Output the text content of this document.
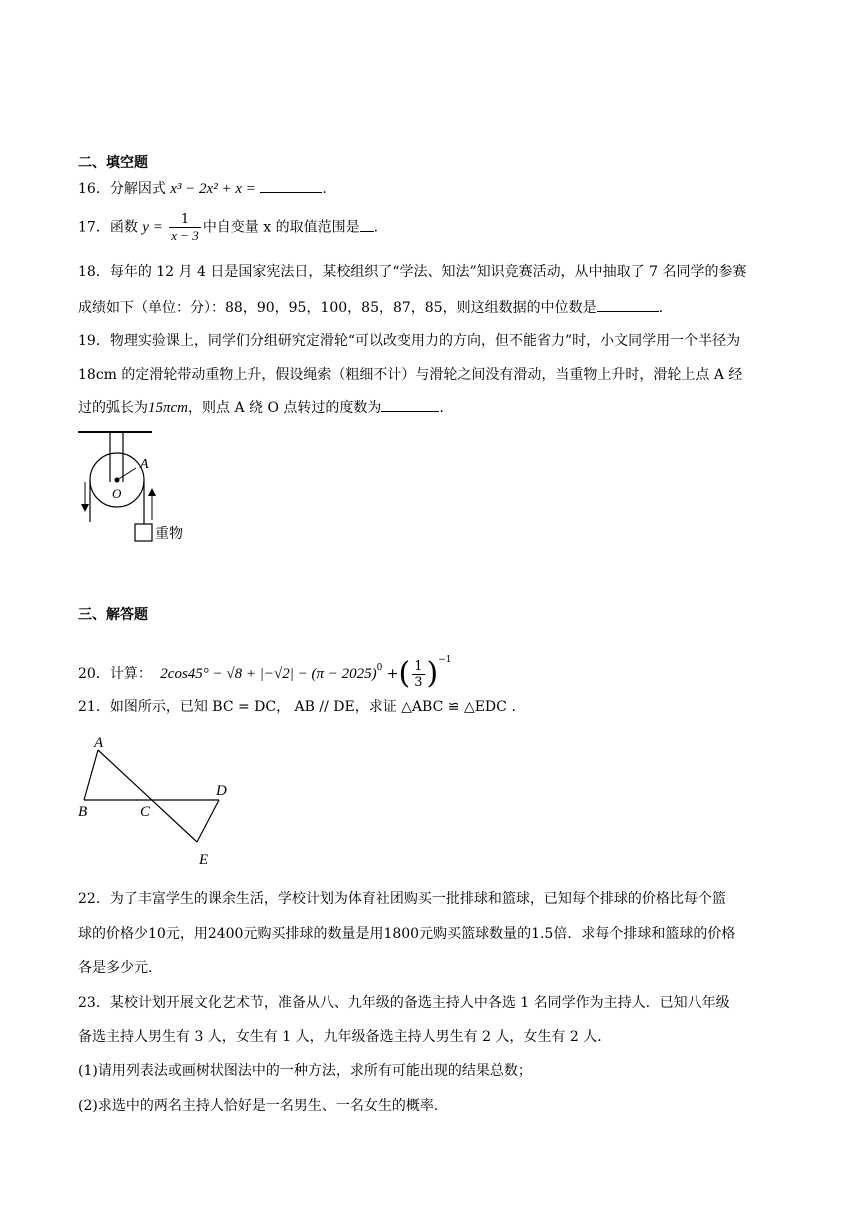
二、填空题
16．分解因式 x³ − 2x² + x =	.
17．函数 $y = \frac{1}{x - 3}$ 中自变量 x 的取值范围是 .
18．每年的 12 月 4 日是国家宪法日，某校组织了“学法、知法”知识竞赛活动，从中抽取了 7 名同学的参赛
成绩如下（单位：分）：88，90，95，100，85，87，85，则这组数据的中位数是	.
19．物理实验课上，同学们分组研究定滑轮“可以改变用力的方向，但不能省力”时，小文同学用一个半径为
18cm 的定滑轮带动重物上升，假设绳索（粗细不计）与滑轮之间没有滑动，当重物上升时，滑轮上点 A 经
过的弧长为15πcm，则点 A 绕 O 点转过的度数为	.
A
O
重物
三、解答题
20．计算： $2\cos 45^\circ - √8 + |-√2| - (\pi - 2025)^0$ +( $\frac{1}{3} )^{-1}$
21．如图所示，已知 BC = DC， AB // DE，求证 △ABC ≌ △EDC .
A
B	C
D
E
22．为了丰富学生的课余生活，学校计划为体育社团购买一批排球和篮球，已知每个排球的价格比每个篮
球的价格少10元，用2400元购买排球的数量是用1800元购买篮球数量的1.5倍．求每个排球和篮球的价格
各是多少元.
23．某校计划开展文化艺术节，准备从八、九年级的备选主持人中各选 1 名同学作为主持人．已知八年级
备选主持人男生有 3 人，女生有 1 人，九年级备选主持人男生有 2 人，女生有 2 人．
(1)请用列表法或画树状图法中的一种方法，求所有可能出现的结果总数；
(2)求选中的两名主持人恰好是一名男生、一名女生的概率.
